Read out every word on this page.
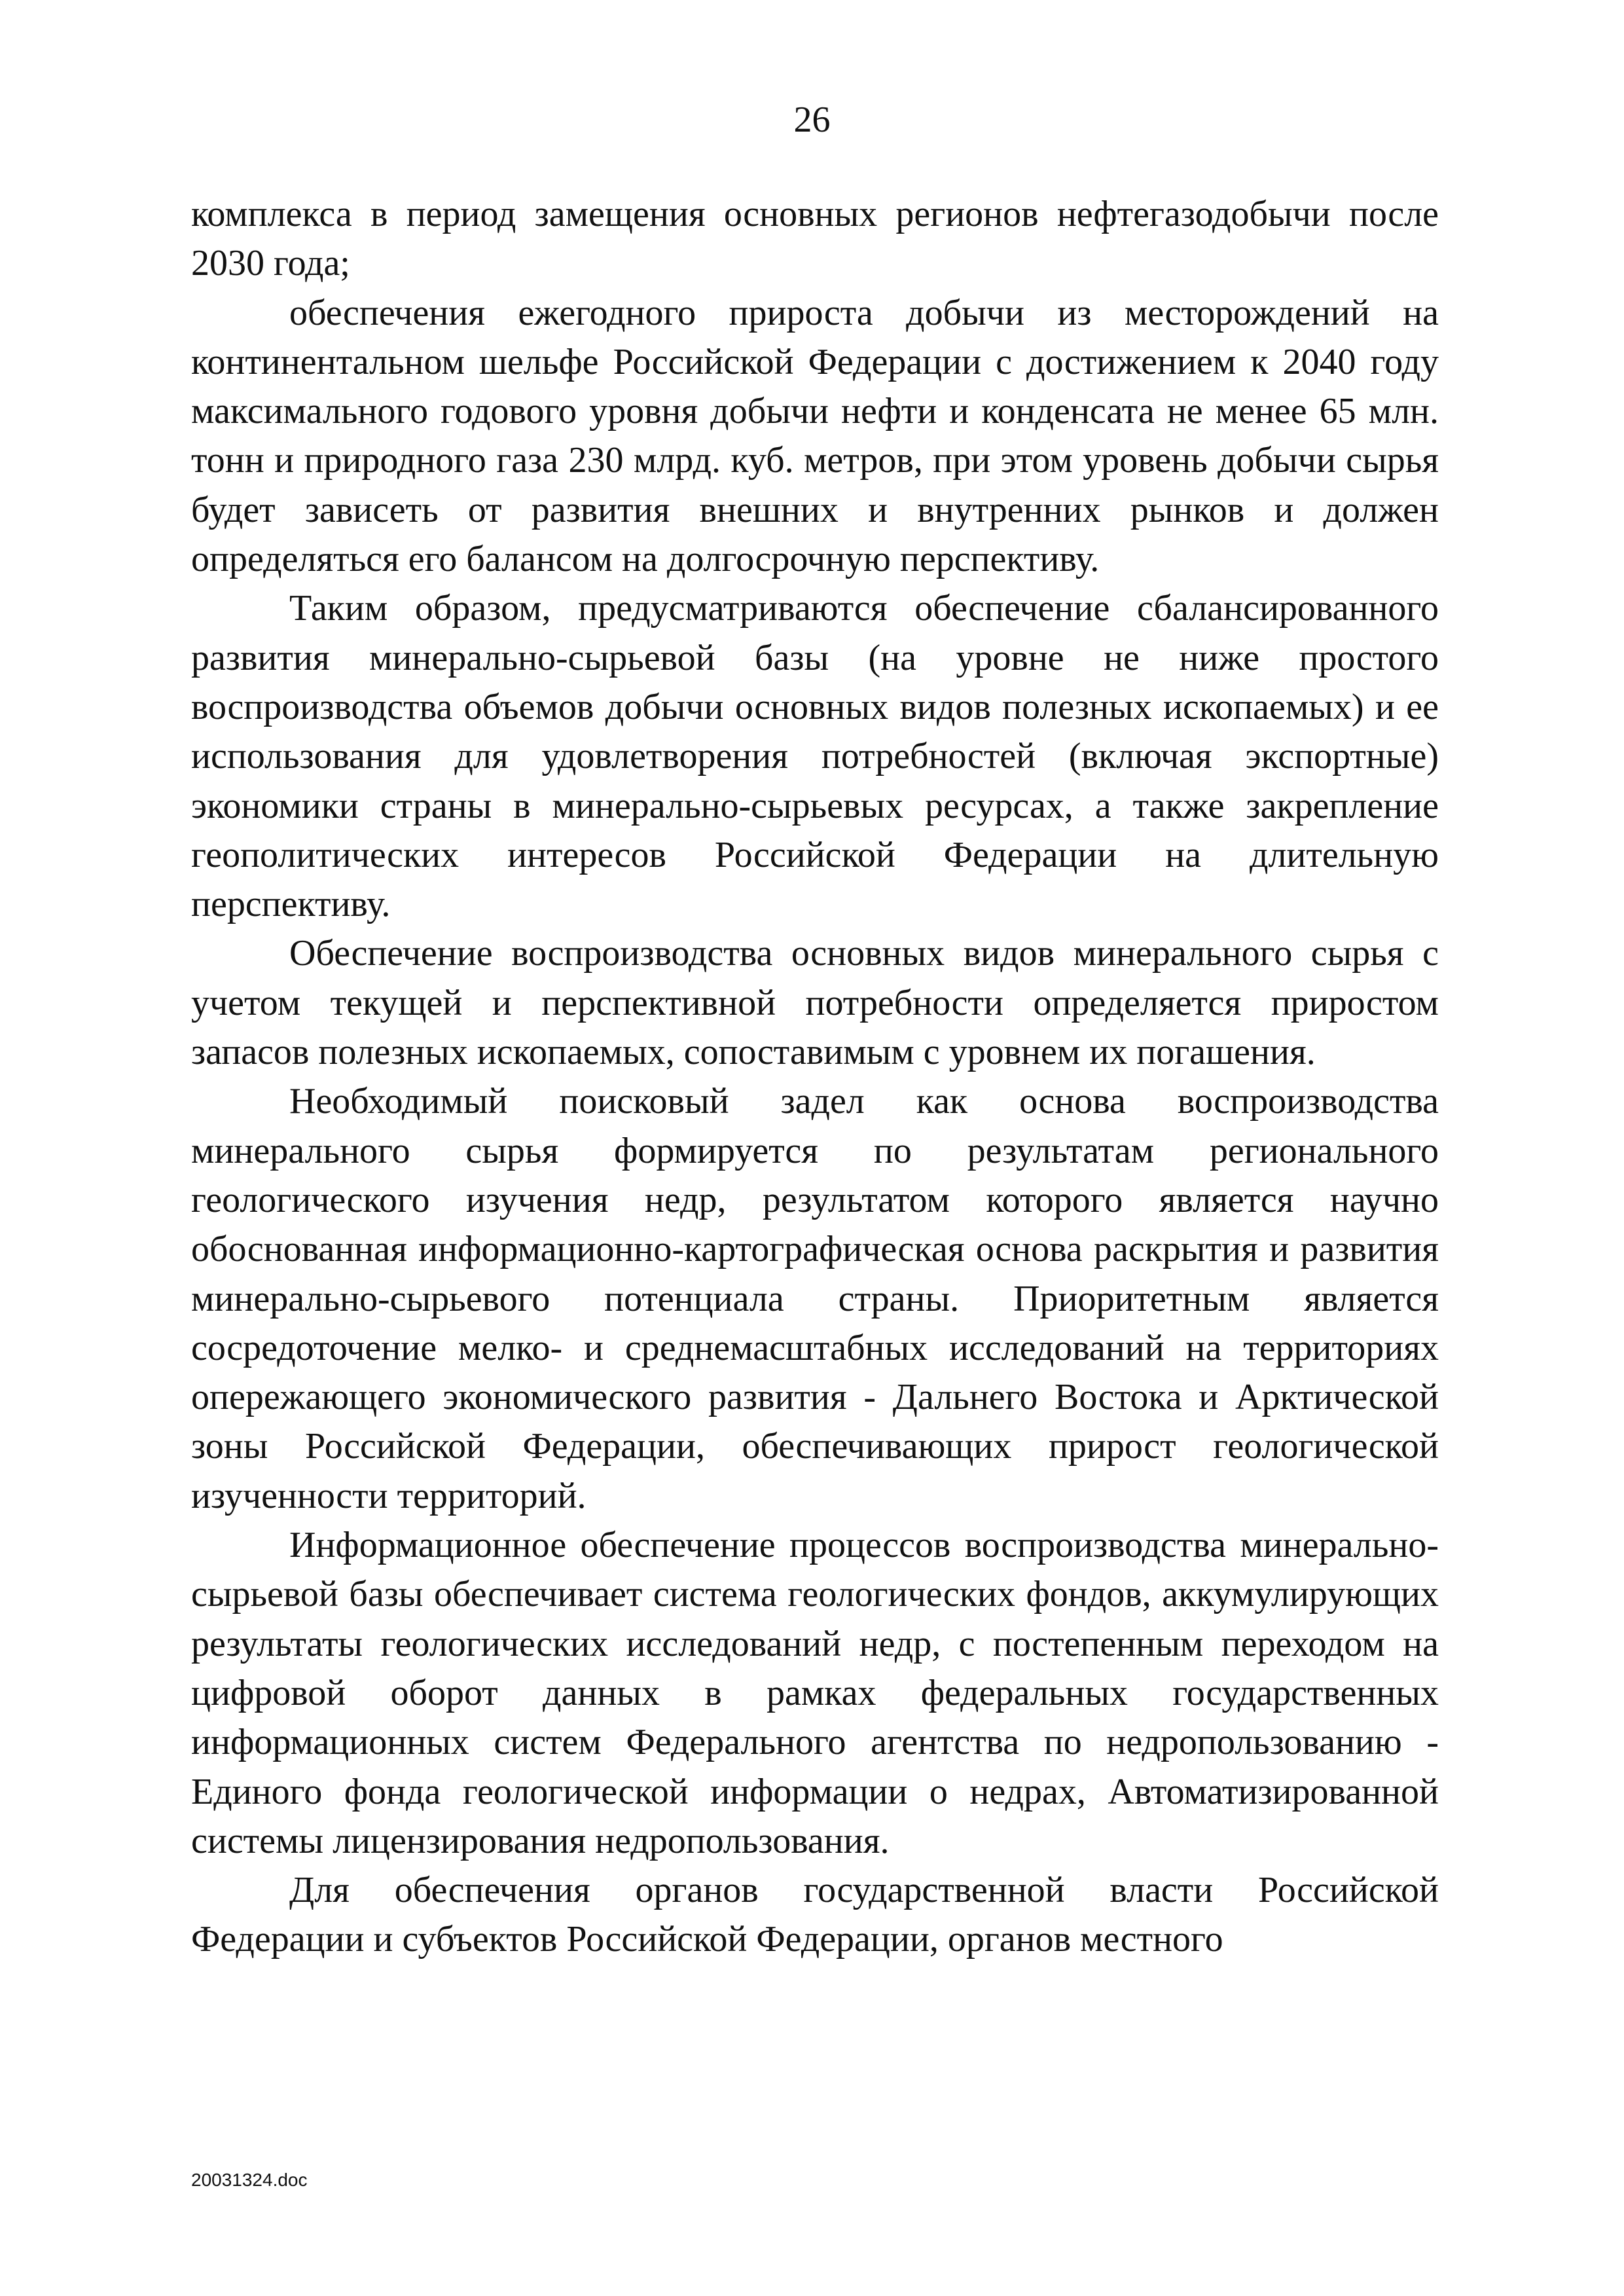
26

комплекса в период замещения основных регионов нефтегазодобычи после 2030 года;

обеспечения ежегодного прироста добычи из месторождений на континентальном шельфе Российской Федерации с достижением к 2040 году максимального годового уровня добычи нефти и конденсата не менее 65 млн. тонн и природного газа 230 млрд. куб. метров, при этом уровень добычи сырья будет зависеть от развития внешних и внутренних рынков и должен определяться его балансом на долгосрочную перспективу.

Таким образом, предусматриваются обеспечение сбалансированного развития минерально-сырьевой базы (на уровне не ниже простого воспроизводства объемов добычи основных видов полезных ископаемых) и ее использования для удовлетворения потребностей (включая экспортные) экономики страны в минерально-сырьевых ресурсах, а также закрепление геополитических интересов Российской Федерации на длительную перспективу.

Обеспечение воспроизводства основных видов минерального сырья с учетом текущей и перспективной потребности определяется приростом запасов полезных ископаемых, сопоставимым с уровнем их погашения.

Необходимый поисковый задел как основа воспроизводства минерального сырья формируется по результатам регионального геологического изучения недр, результатом которого является научно обоснованная информационно-картографическая основа раскрытия и развития минерально-сырьевого потенциала страны. Приоритетным является сосредоточение мелко- и среднемасштабных исследований на территориях опережающего экономического развития - Дальнего Востока и Арктической зоны Российской Федерации, обеспечивающих прирост геологической изученности территорий.

Информационное обеспечение процессов воспроизводства минерально-сырьевой базы обеспечивает система геологических фондов, аккумулирующих результаты геологических исследований недр, с постепенным переходом на цифровой оборот данных в рамках федеральных государственных информационных систем Федерального агентства по недропользованию - Единого фонда геологической информации о недрах, Автоматизированной системы лицензирования недропользования.

Для обеспечения органов государственной власти Российской Федерации и субъектов Российской Федерации, органов местного

20031324.doc
